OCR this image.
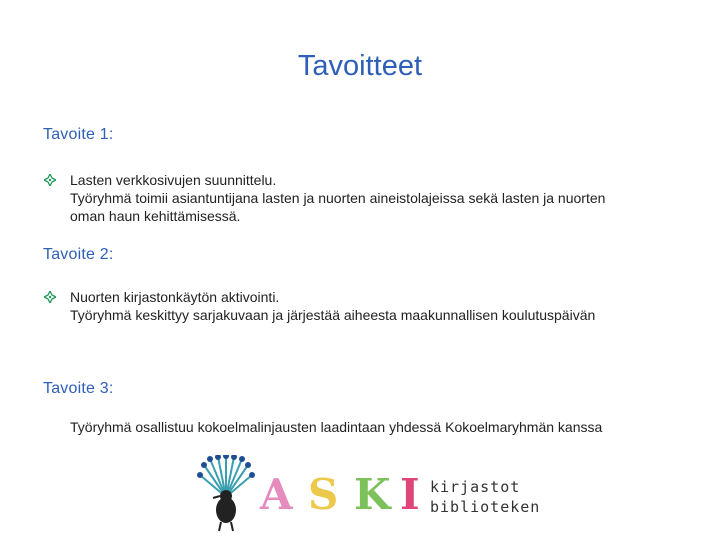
Tavoitteet
Tavoite 1:
Lasten verkkosivujen suunnittelu.
Työryhmä toimii asiantuntijana lasten ja nuorten aineistolajeissa sekä lasten ja nuorten
oman haun kehittämisessä.
Tavoite 2:
Nuorten kirjastonkäytön aktivointi.
Työryhmä keskittyy sarjakuvaan ja järjestää aiheesta maakunnallisen koulutuspäivän
Tavoite 3:
Työryhmä osallistuu kokoelmalinjausten laadintaan yhdessä Kokoelmaryhmän kanssa
A S K I kirjastot
biblioteken
